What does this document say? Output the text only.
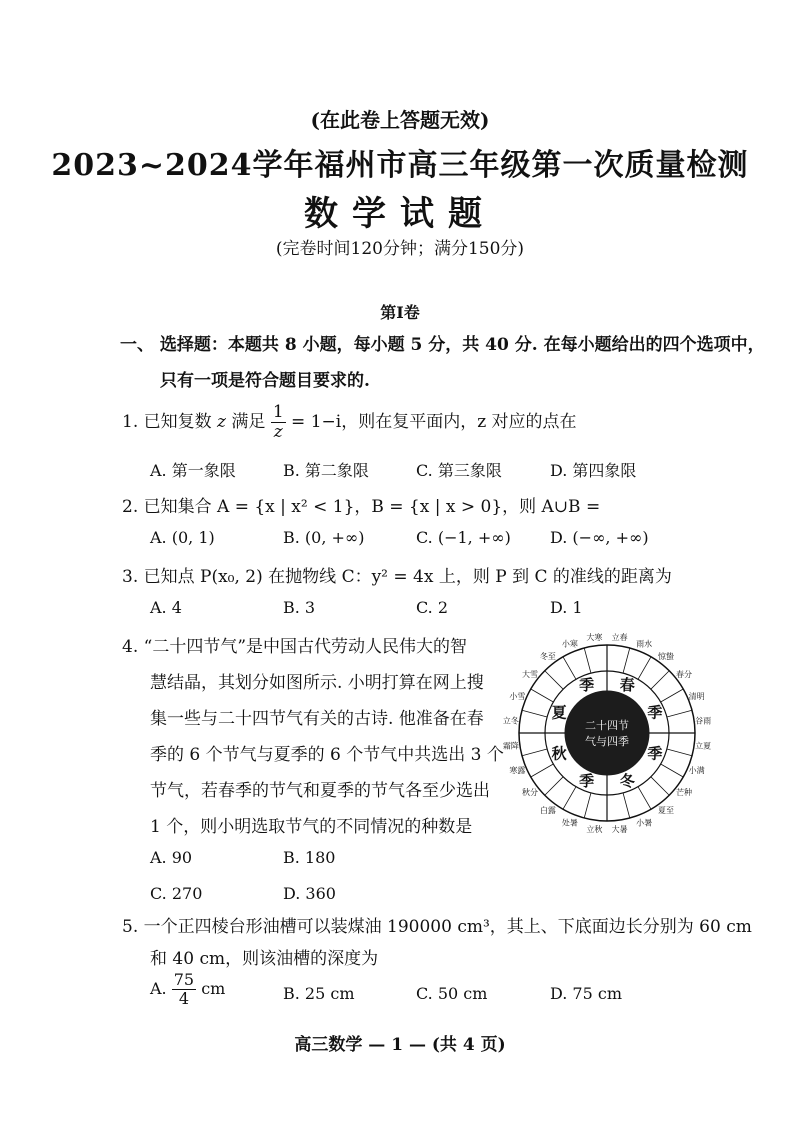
(在此卷上答题无效)
2023~2024学年福州市高三年级第一次质量检测
数学试题
(完卷时间120分钟；满分150分)
第Ⅰ卷
一、 选择题：本题共 8 小题，每小题 5 分，共 40 分. 在每小题给出的四个选项中，
只有一项是符合题目要求的.
1. 已知复数 z 满足 $\frac{1}{z} = 1-i$，则在复平面内，z 对应的点在
A. 第一象限	B. 第二象限	C. 第三象限	D. 第四象限
2. 已知集合 A = {x | x² < 1}，B = {x | x > 0}，则 A∪B =
A. (0, 1)	B. (0, +∞)	C. (−1, +∞) D. (−∞, +∞)
3. 已知点 P(x₀, 2) 在抛物线 C：y² = 4x 上，则 P 到 C 的准线的距离为
A. 4	B. 3	C. 2	D. 1
4. “二十四节气”是中国古代劳动人民伟大的智
慧结晶，其划分如图所示. 小明打算在网上搜
集一些与二十四节气有关的古诗. 他准备在春
季的 6 个节气与夏季的 6 个节气中共选出 3 个
节气，若春季的节气和夏季的节气各至少选出
1 个，则小明选取节气的不同情况的种数是
A. 90	B. 180
C. 270	D. 360
立春
雨水
惊蛰
春分
清明
谷雨
立夏
小满
芒种
夏至
小暑
大暑
立秋
处暑
白露
秋分
寒露
霜降
立冬
小雪
大雪
冬至
小寒
大寒
春
季
夏
季
秋
季 冬
季
二十四节
气与四季
5. 一个正四棱台形油槽可以装煤油 190000 cm³，其上、下底面边长分别为 60 cm
和 40 cm，则该油槽的深度为
A. $\frac{75}{4}$ cm	B. 25 cm	C. 50 cm	D. 75 cm
高三数学 — 1 — (共 4 页)
